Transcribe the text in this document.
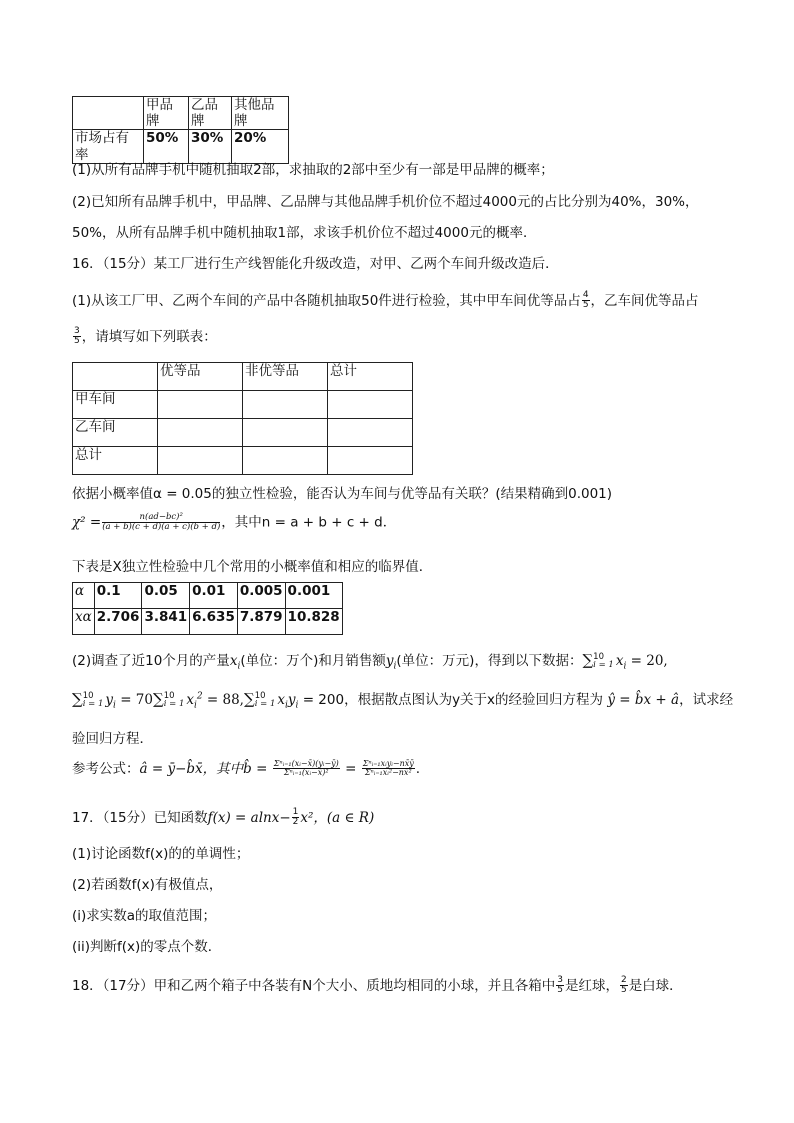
	甲品牌	乙品牌	其他品牌
市场占有率	50%	30%	20%
(1)从所有品牌手机中随机抽取2部，求抽取的2部中至少有一部是甲品牌的概率；
(2)已知所有品牌手机中，甲品牌、乙品牌与其他品牌手机价位不超过4000元的占比分别为40%，30%，
50%，从所有品牌手机中随机抽取1部，求该手机价位不超过4000元的概率．
16．（15分）某工厂进行生产线智能化升级改造，对甲、乙两个车间升级改造后．
(1)从该工厂甲、乙两个车间的产品中各随机抽取50件进行检验，其中甲车间优等品占 $\frac{4}{5}$ ，乙车间优等品占
$\frac{3}{5}$ ，请填写如下列联表：
	优等品	非优等品	总计
甲车间			
乙车间			
总计			
依据小概率值α = 0.05的独立性检验，能否认为车间与优等品有关联？(结果精确到0.001)
$\chi^2 = \frac{\text{n(ad−bc)²}}{(a + b)(c + d)(a + c)(b + d)}$ ，其中n = a + b + c + d．
下表是X独立性检验中几个常用的小概率值和相应的临界值．
α	0.1	0.05	0.01	0.005	0.001
xα	2.706	3.841	6.635	7.879	10.828
(2)调查了近10个月的产量$x_i$(单位：万个)和月销售额$y_i$(单位：万元)，得到以下数据：∑ 10
i = 1 $x_i = 20$,
∑ 10
i = 1 $y_i = 70\sum$ 10
i = 1 $x_i^2 = 88,\sum$ 10
i = 1 $x_iy_i = 200$，根据散点图认为y关于x的经验回归方程为 ŷ = b̂x + â，试求经
验回归方程．
参考公式：â = ȳ−b̂x̄，其中b̂ = $\frac{\text{Σⁿᵢ₌₁(xᵢ−x̄)(yᵢ−ȳ)}}{\text{Σⁿᵢ₌₁(xᵢ−x̄)²}} = \frac{\text{Σⁿᵢ₌₁xᵢyᵢ−nx̄ȳ}}{\text{Σⁿᵢ₌₁xᵢ²−nx̄²}}$ .
17．（15分）已知函数$f(x) = alnx- \frac{1}{2} x^2$，(a ∈ R)
(1)讨论函数f(x)的的单调性；
(2)若函数f(x)有极值点，
(i)求实数a的取值范围；
(ii)判断f(x)的零点个数．
18．（17分）甲和乙两个箱子中各装有N个大小、质地均相同的小球，并且各箱中 $\frac{3}{5}$ 是红球， $\frac{2}{5}$ 是白球．
